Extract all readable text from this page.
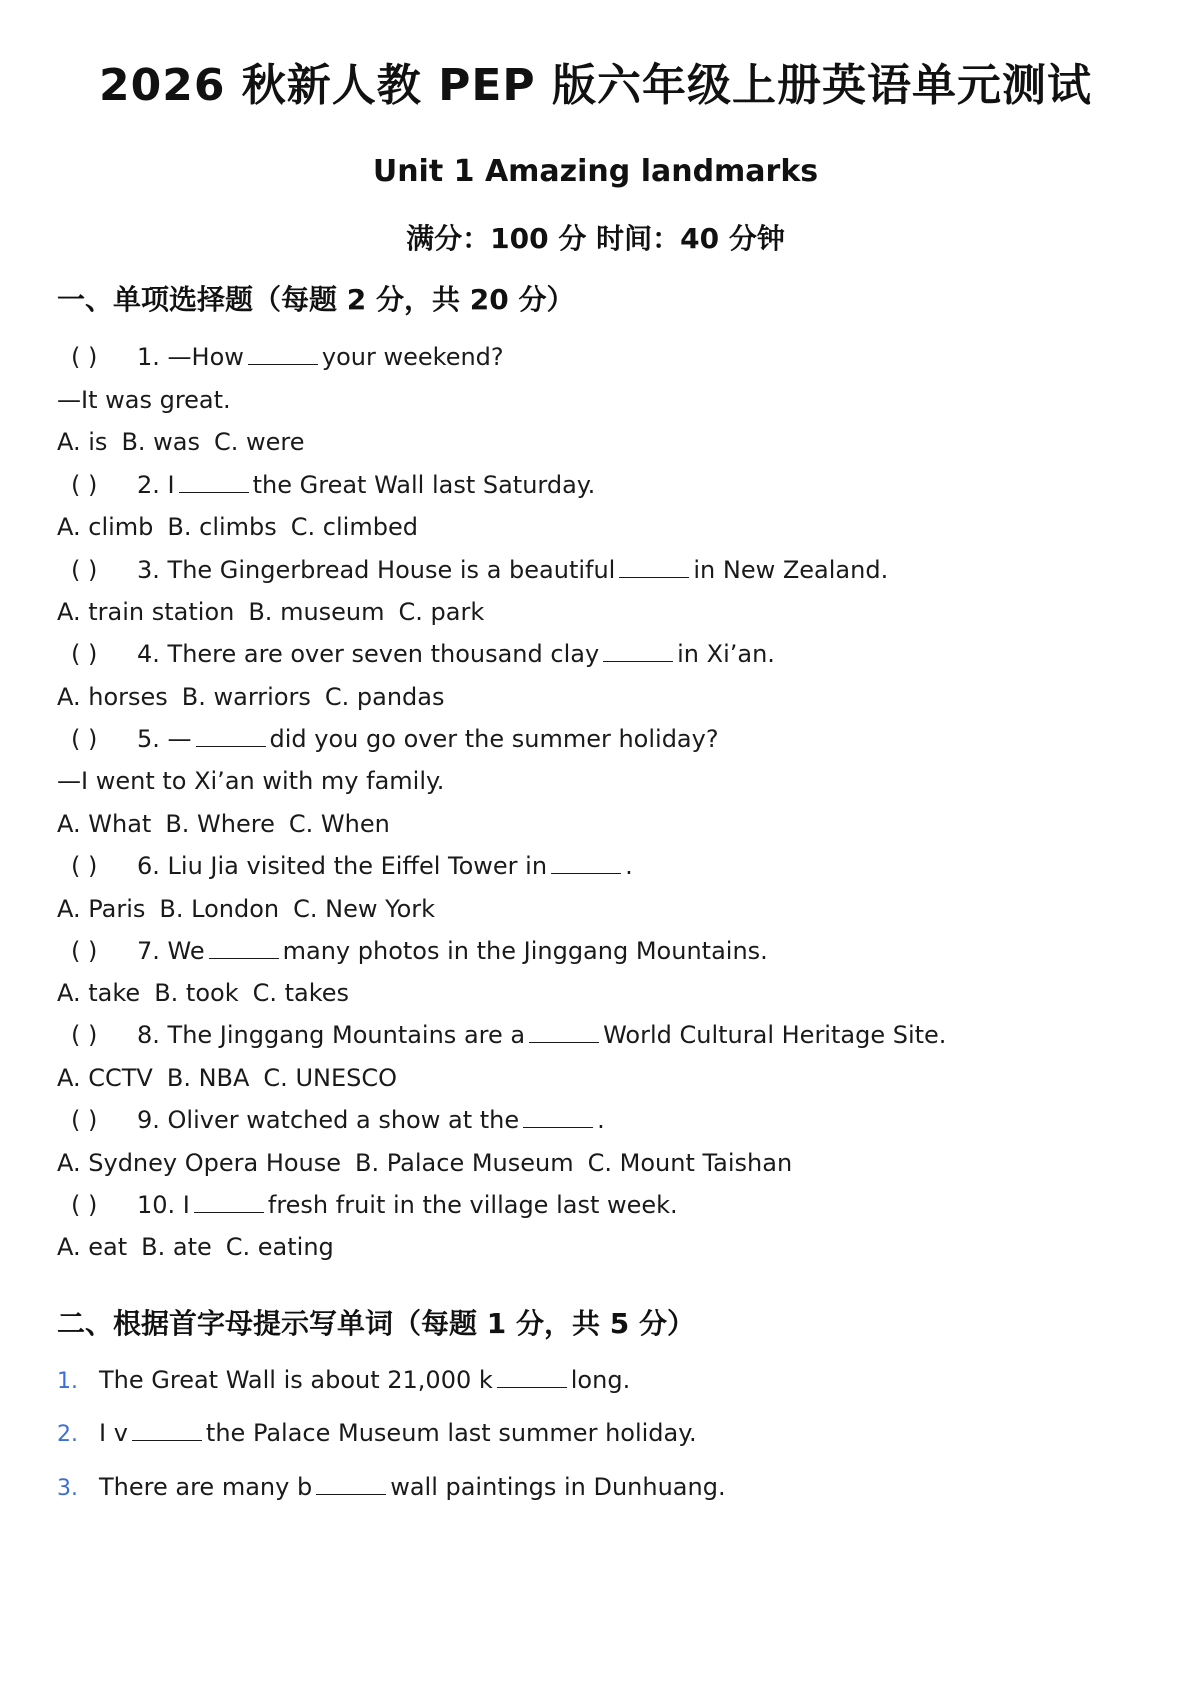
2026 秋新人教 PEP 版六年级上册英语单元测试
Unit 1 Amazing landmarks
满分：100 分 时间：40 分钟
一、单项选择题（每题 2 分，共 20 分）
( ) 1. —How	your weekend?
—It was great.
A. is B. was C. were
( ) 2. I	the Great Wall last Saturday.
A. climb B. climbs C. climbed
( ) 3. The Gingerbread House is a beautiful	in New Zealand.
A. train station B. museum C. park
( ) 4. There are over seven thousand clay	in Xi’an.
A. horses B. warriors C. pandas
( ) 5. —	did you go over the summer holiday?
—I went to Xi’an with my family.
A. What B. Where C. When
( ) 6. Liu Jia visited the Eiffel Tower in	.
A. Paris B. London C. New York
( ) 7. We	many photos in the Jinggang Mountains.
A. take B. took C. takes
( ) 8. The Jinggang Mountains are a	World Cultural Heritage Site.
A. CCTV B. NBA C. UNESCO
( ) 9. Oliver watched a show at the	.
A. Sydney Opera House B. Palace Museum C. Mount Taishan
( ) 10. I	fresh fruit in the village last week.
A. eat B. ate C. eating
二、根据首字母提示写单词（每题 1 分，共 5 分）
1. The Great Wall is about 21,000 k	long.
2. I v	the Palace Museum last summer holiday.
3. There are many b	wall paintings in Dunhuang.
